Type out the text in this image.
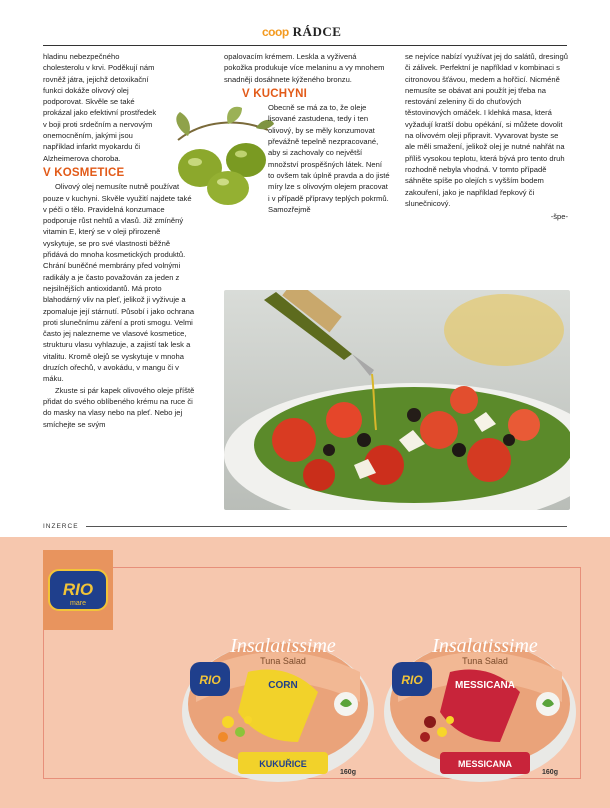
coop RÁDCE

hladinu nebezpečného cholesterolu v krvi. Poděkují nám rovněž játra, jejichž detoxikační funkci dokáže olivový olej podporovat. Skvěle se také prokázal jako efektivní prostředek v boji proti srdečním a nervovým onemocněním, jakými jsou například infarkt myokardu či Alzheimerova choroba.

V KOSMETICE

Olivový olej nemusíte nutně používat pouze v kuchyni. Skvěle využití najdete také v péči o tělo. Pravidelná konzumace podporuje růst nehtů a vlasů. Již zmíněný vitamin E, který se v oleji přirozeně vyskytuje, se pro své vlastnosti běžně přidává do mnoha kosmetických produktů. Chrání buněčné membrány před volnými radikály a je často považován za jeden z nejsilnějších antioxidantů. Má proto blahodárný vliv na pleť, jelikož ji vyživuje a zpomaluje její stárnutí. Působí i jako ochrana proti slunečnímu záření a proti smogu. Velmi často jej nalezneme ve vlasové kosmetice, strukturu vlasu vyhlazuje, a zajistí tak lesk a vitalitu. Kromě olejů se vyskytuje v mnoha druzích ořechů, v avokádu, v mangu či v máku.

Zkuste si pár kapek olivového oleje příště přidat do svého oblíbeného krému na ruce či do masky na vlasy nebo na pleť. Nebo jej smíchejte se svým

opalovacím krémem. Leskla a vyživená pokožka produkuje více melaninu a vy mnohem snadněji dosáhnete kýženého bronzu.

V KUCHYNI

Obecně se má za to, že oleje lisované zastudena, tedy i ten olivový, by se měly konzumovat převážně tepelně nezpracované, aby si zachovaly co největší množství prospěšných látek. Není to ovšem tak úplně pravda a do jisté míry lze s olivovým olejem pracovat i v případě přípravy teplých pokrmů. Samozřejmě

se nejvíce nabízí využívat jej do salátů, dresingů či zálivek. Perfektní je například v kombinaci s citronovou šťávou, medem a hořčicí. Nicméně nemusíte se obávat ani použít jej třeba na restování zeleniny či do chuťových těstovinových omáček. I klehká masa, která vyžadují kratší dobu opékání, si můžete dovolit na olivovém oleji připravit. Vyvarovat byste se ale měli smažení, jelikož olej je nutné nahřát na příliš vysokou teplotu, která bývá pro tento druh rozhodně nebyla vhodná. V tomto případě sáhněte spíše po olejích s vyšším bodem zakouření, jako je například řepkový či slunečnicový.

-špe-

INZERCE
RIO
mare
RIO
Insalatissime
Tuna Salad
CORN
KUKUŘICE
160g
RIO
Insalatissime
Tuna Salad
MESSICANA
MESSICANA
160g
